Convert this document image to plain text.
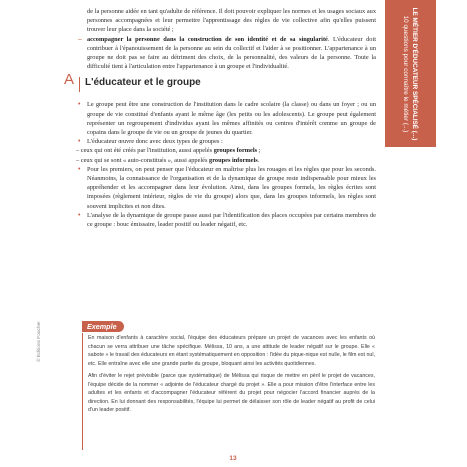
de la personne aidée en tant qu'adulte de référence. Il doit pouvoir expliquer les normes et les usages sociaux aux personnes accompagnées et leur permettre l'apprentissage des règles de vie collective afin qu'elles puissent trouver leur place dans la société ;

– accompagner la personne dans la construction de son identité et de sa singularité. L'éducateur doit contribuer à l'épanouissement de la personne au sein du collectif et l'aider à se positionner. L'appartenance à un groupe ne doit pas se faire au détriment des choix, de la personnalité, des valeurs de la personne. Toute la difficulté tient à l'articulation entre l'appartenance à un groupe et l'individualité.

A L'éducateur et le groupe
• Le groupe peut être une construction de l'institution dans le cadre scolaire (la classe) ou dans un foyer ; ou un groupe de vie constitué d'enfants ayant le même âge (les petits ou les adolescents). Le groupe peut également représenter un regroupement d'individus ayant les mêmes affinités ou centres d'intérêt comme un groupe de copains dans le groupe de vie ou un groupe de jeunes du quartier.

• L'éducateur œuvre donc avec deux types de groupes :

– ceux qui ont été créés par l'institution, aussi appelés groupes formels ;

– ceux qui se sont « auto-constitués », aussi appelés groupes informels.

• Pour les premiers, on peut penser que l'éducateur en maîtrise plus les rouages et les règles que pour les seconds. Néanmoins, la connaissance de l'organisation et de la dynamique de groupe reste indispensable pour mieux les appréhender et les accompagner dans leur évolution. Ainsi, dans les groupes formels, les règles écrites sont imposées (règlement intérieur, règles de vie du groupe) alors que, dans les groupes informels, les règles sont souvent implicites et non dites.

• L'analyse de la dynamique de groupe passe aussi par l'identification des places occupées par certains membres de ce groupe : bouc émissaire, leader positif ou leader négatif, etc.

Exemple

En maison d'enfants à caractère social, l'équipe des éducateurs prépare un projet de vacances avec les enfants où chacun se verra attribuer une tâche spécifique. Mélissa, 10 ans, a une attitude de leader négatif sur le groupe. Elle « sabote » le travail des éducateurs en étant systématiquement en opposition : l'idée du pique-nique est nulle, le film est nul, etc. Elle entraîne avec elle une grande partie du groupe, bloquant ainsi les activités quotidiennes.

Afin d'éviter le rejet prévisible (parce que systématique) de Mélissa qui risque de mettre en péril le projet de vacances, l'équipe décide de la nommer « adjointe de l'éducateur chargé du projet ». Elle a pour mission d'être l'interface entre les adultes et les enfants et d'accompagner l'éducateur référent du projet pour négocier l'accord financier auprès de la direction. En lui donnant des responsabilités, l'équipe lui permet de délaisser son rôle de leader négatif au profit de celui d'un leader positif.

LE MÉTIER D'ÉDUCATEUR SPÉCIALISÉ (...)
10 questions pour connaître le métier (...)
© Éditions Foucher
13
